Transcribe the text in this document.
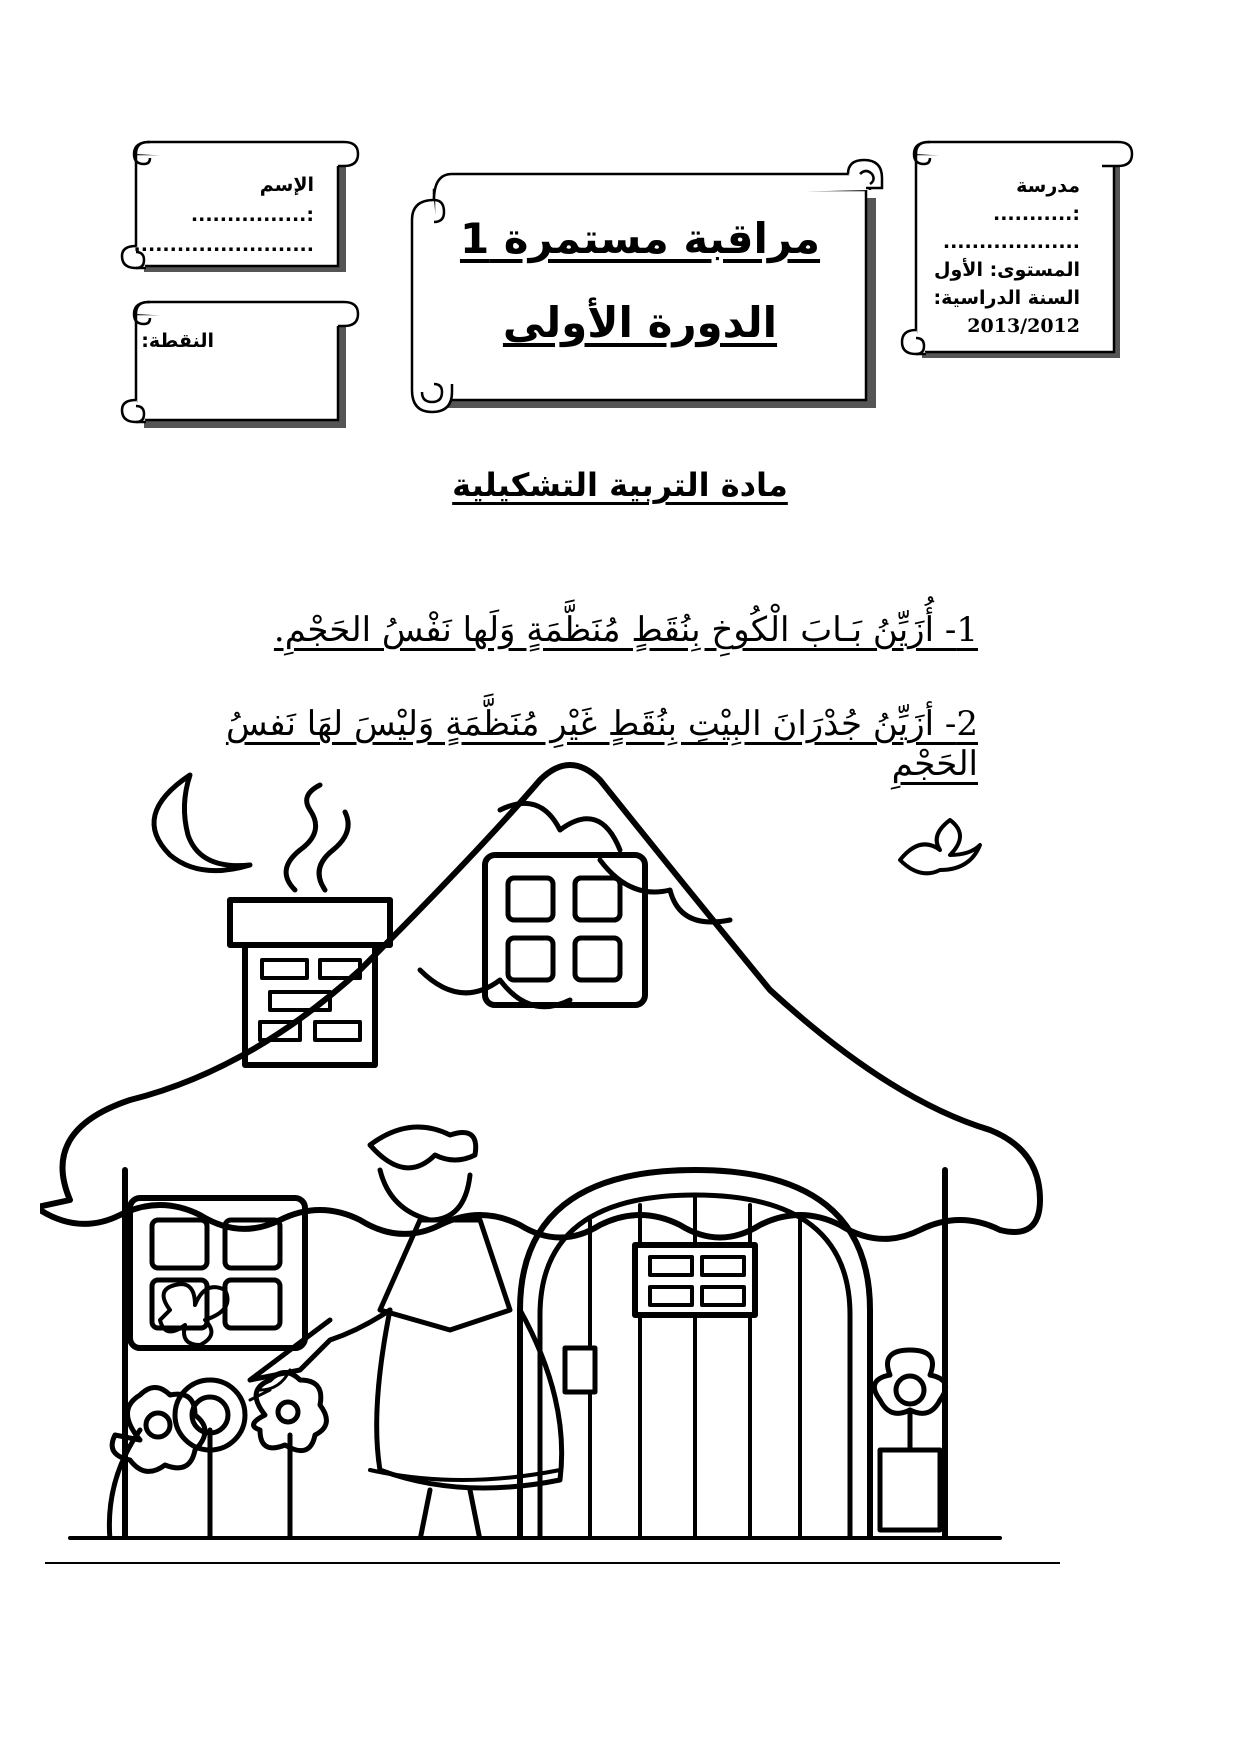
مدرسة :...........
...................
المستوى: الأول
السنة الدراسية:
2013/2012
مراقبة مستمرة 1
الدورة الأولى
الإسم :................
.........................
النقطة:
مادة التربية التشكيلية
1- أُزَيِّنُ بَـابَ الْكُوخِ بِنُقَطٍ مُنَظَّمَةٍ وَلَها نَفْسُ الحَجْمِ.
2- أزَيِّنُ جُدْرَانَ البِيْتِ بِنُقَطٍ غَيْرِ مُنَظَّمَةٍ وَليْسَ لهَا نَفسُ الحَجْمِ
